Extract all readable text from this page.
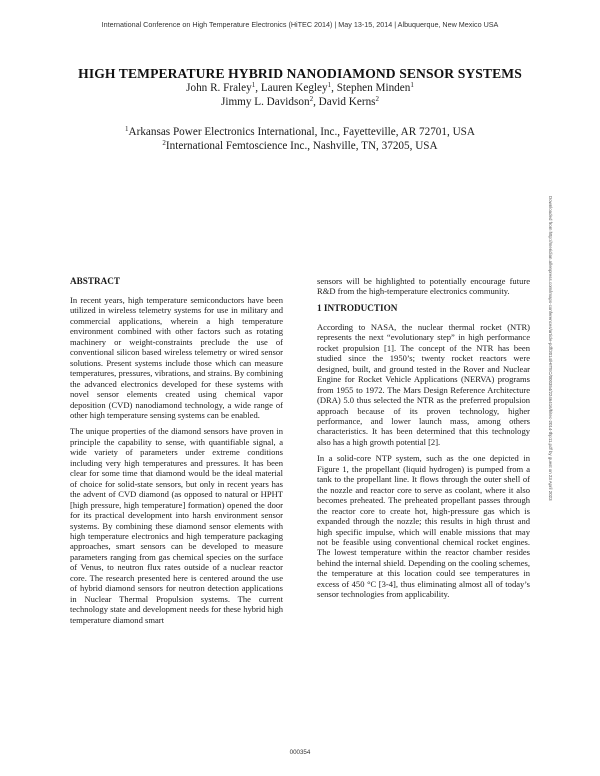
International Conference on High Temperature Electronics (HiTEC 2014) | May 13-15, 2014 | Albuquerque, New Mexico USA
HIGH TEMPERATURE HYBRID NANODIAMOND SENSOR SYSTEMS
John R. Fraley$^1$, Lauren Kegley$^1$, Stephen Minden$^1$
Jimmy L. Davidson$^2$, David Kerns$^2$
$^1$Arkansas Power Electronics International, Inc., Fayetteville, AR 72701, USA
$^2$International Femtoscience Inc., Nashville, TN, 37205, USA
ABSTRACT

In recent years, high temperature semiconductors have been utilized in wireless telemetry systems for use in military and commercial applications, wherein a high temperature environment combined with other factors such as rotating machinery or weight-constraints preclude the use of conventional silicon based wireless telemetry or wired sensor solutions. Present systems include those which can measure temperatures, pressures, vibrations, and strains. By combining the advanced electronics developed for these systems with novel sensor elements created using chemical vapor deposition (CVD) nanodiamond technology, a wide range of other high temperature sensing systems can be enabled.

The unique properties of the diamond sensors have proven in principle the capability to sense, with quantifiable signal, a wide variety of parameters under extreme conditions including very high temperatures and pressures. It has been clear for some time that diamond would be the ideal material of choice for solid-state sensors, but only in recent years has the advent of CVD diamond (as opposed to natural or HPHT [high pressure, high temperature] formation) opened the door for its practical development into harsh environment sensor systems. By combining these diamond sensor elements with high temperature electronics and high temperature packaging approaches, smart sensors can be developed to measure parameters ranging from gas chemical species on the surface of Venus, to neutron flux rates outside of a nuclear reactor core. The research presented here is centered around the use of hybrid diamond sensors for neutron detection applications in Nuclear Thermal Propulsion systems. The current technology state and development needs for these hybrid high temperature diamond smart

sensors will be highlighted to potentially encourage future R&D from the high-temperature electronics community.

1 INTRODUCTION

According to NASA, the nuclear thermal rocket (NTR) represents the next “evolutionary step” in high performance rocket propulsion [1]. The concept of the NTR has been studied since the 1950’s; twenty rocket reactors were designed, built, and ground tested in the Rover and Nuclear Engine for Rocket Vehicle Applications (NERVA) programs from 1955 to 1972. The Mars Design Reference Architecture (DRA) 5.0 thus selected the NTR as the preferred propulsion approach because of its proven technology, higher performance, and lower launch mass, among others characteristics. It has been determined that this technology also has a high growth potential [2].

In a solid-core NTP system, such as the one depicted in Figure 1, the propellant (liquid hydrogen) is pumped from a tank to the propellant line. It flows through the outer shell of the nozzle and reactor core to serve as coolant, where it also becomes preheated. The preheated propellant passes through the reactor core to create hot, high-pressure gas which is expanded through the nozzle; this results in high thrust and high specific impulse, which will enable missions that may not be feasible using conventional chemical rocket engines. The lowest temperature within the reactor chamber resides behind the internal shield. Depending on the cooling schemes, the temperature at this location could see temperatures in excess of 450 °C [3-4], thus eliminating almost all of today’s sensor technologies from applicability.

Downloaded from http://meridian.allenpress.com/imaps-conferences/article-pdf/2014/HITEC/000354/2246416/hitec-2014-thp11.pdf by guest on 23 April 2023
000354
